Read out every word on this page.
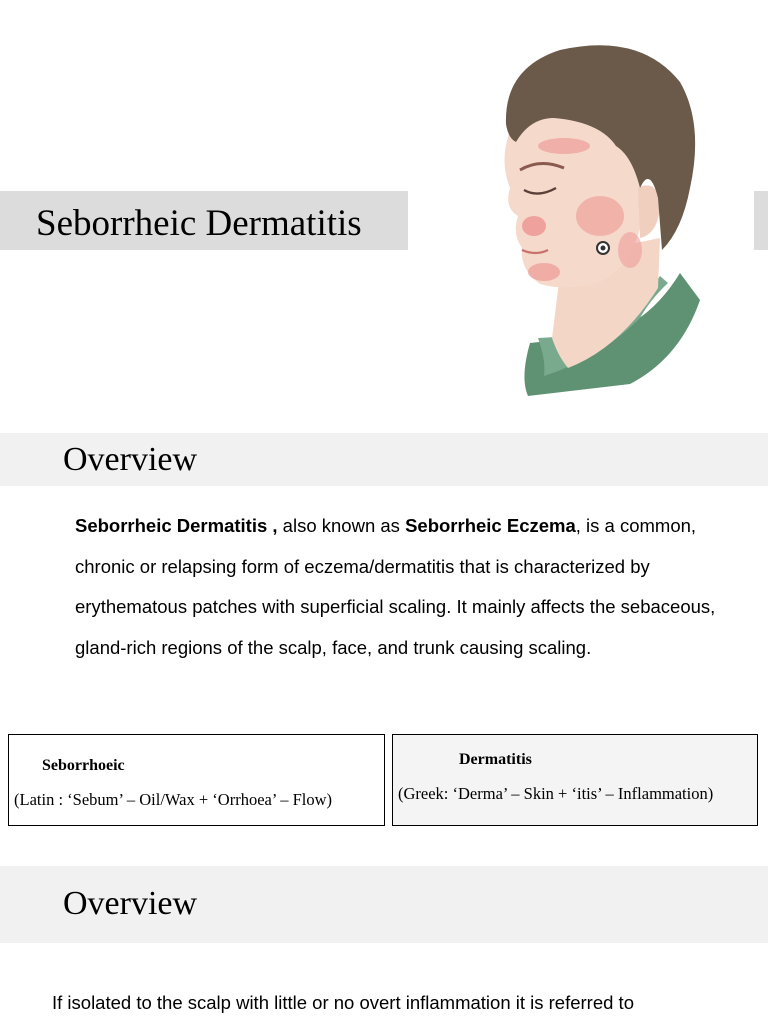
Seborrheic Dermatitis
Overview

Seborrheic Dermatitis , also known as Seborrheic Eczema, is a common, chronic or relapsing form of eczema/dermatitis that is characterized by erythematous patches with superficial scaling. It mainly affects the sebaceous, gland-rich regions of the scalp, face, and trunk causing scaling.

Seborrhoeic
(Latin : ‘Sebum’ – Oil/Wax + ‘Orrhoea’ – Flow)
Dermatitis
(Greek: ‘Derma’ – Skin + ‘itis’ – Inflammation)
Overview

If isolated to the scalp with little or no overt inflammation it is referred to
